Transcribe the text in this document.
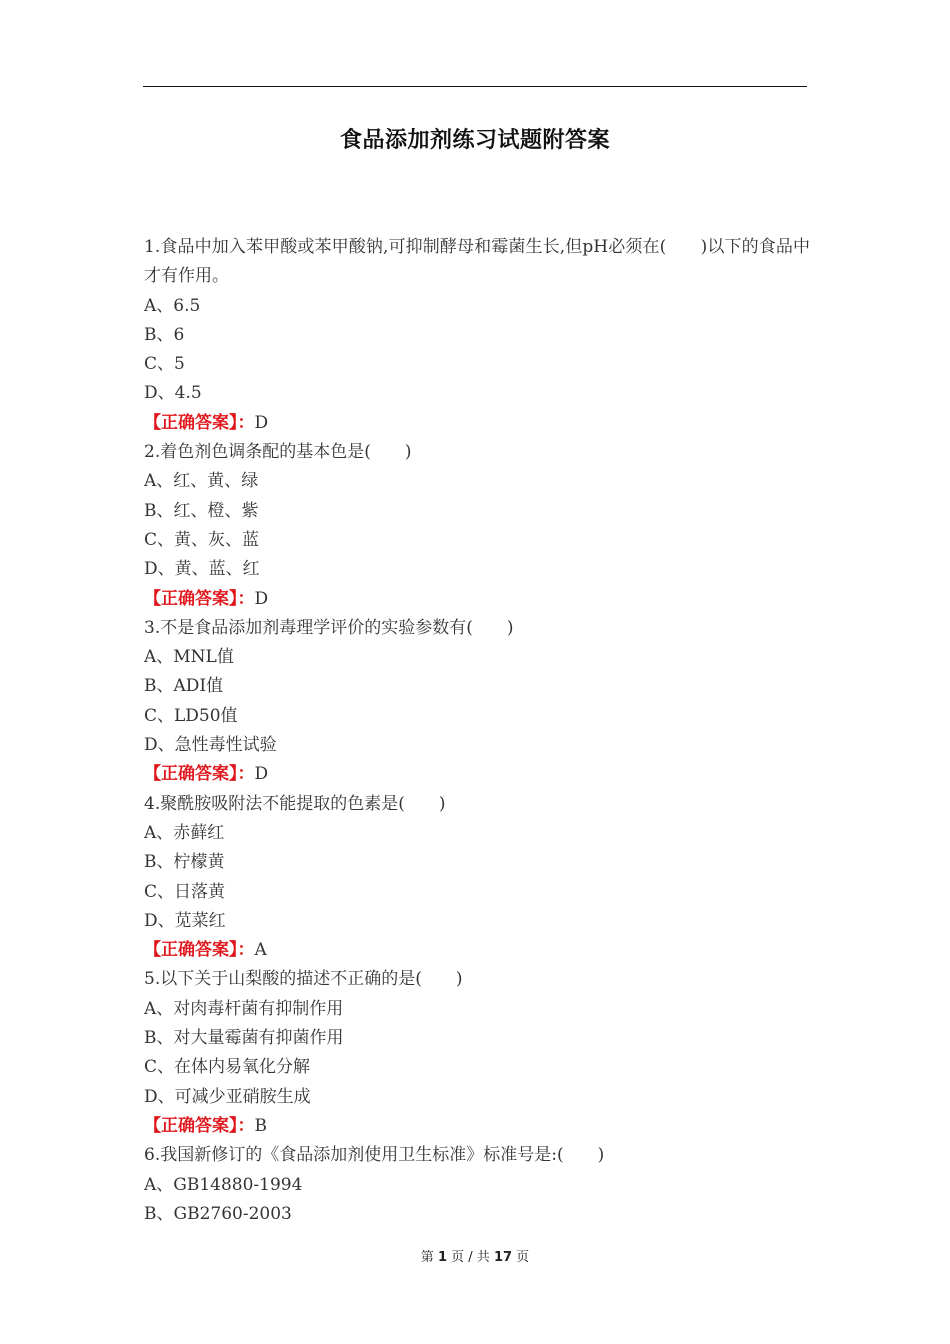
食品添加剂练习试题附答案
1.食品中加入苯甲酸或苯甲酸钠,可抑制酵母和霉菌生长,但pH必须在(　　)以下的食品中才有作用。
A、6.5
B、6
C、5
D、4.5
【正确答案】：D
2.着色剂色调条配的基本色是(　　)
A、红、黄、绿
B、红、橙、紫
C、黄、灰、蓝
D、黄、蓝、红
【正确答案】：D
3.不是食品添加剂毒理学评价的实验参数有(　　)
A、MNL值
B、ADI值
C、LD50值
D、急性毒性试验
【正确答案】：D
4.聚酰胺吸附法不能提取的色素是(　　)
A、赤藓红
B、柠檬黄
C、日落黄
D、苋菜红
【正确答案】：A
5.以下关于山梨酸的描述不正确的是(　　)
A、对肉毒杆菌有抑制作用
B、对大量霉菌有抑菌作用
C、在体内易氧化分解
D、可减少亚硝胺生成
【正确答案】：B
6.我国新修订的《食品添加剂使用卫生标准》标准号是:(　　)
A、GB14880-1994
B、GB2760-2003
第 1 页 / 共 17 页
